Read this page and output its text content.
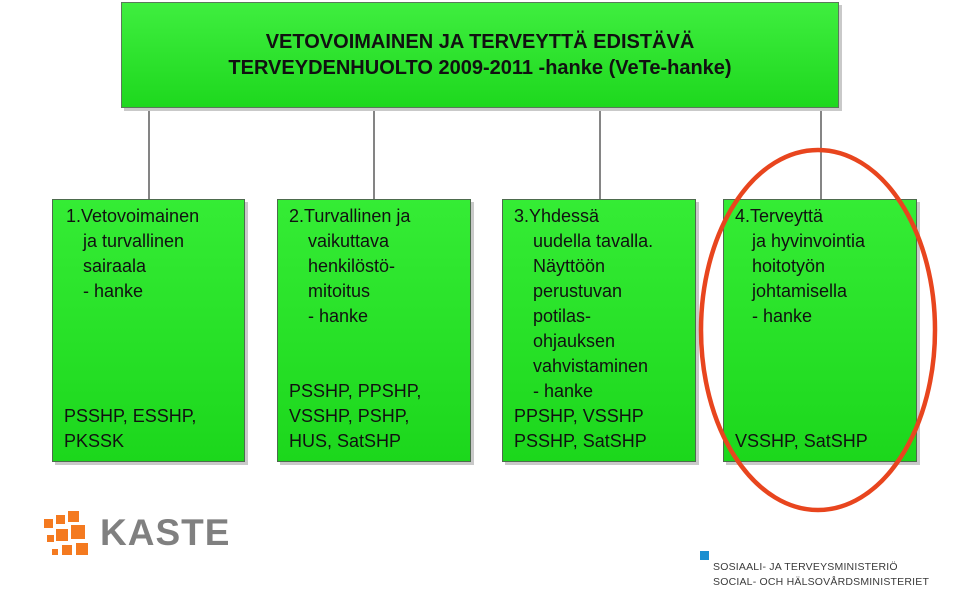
VETOVOIMAINEN JA TERVEYTTÄ EDISTÄVÄ
TERVEYDENHUOLTO 2009-2011 -hanke (VeTe-hanke)
1.Vetovoimainen
ja turvallinen
sairaala
- hanke
PSSHP, ESSHP,
PKSSK
2.Turvallinen ja
vaikuttava
henkilöstö-
mitoitus
- hanke
PSSHP, PPSHP,
VSSHP, PSHP,
HUS, SatSHP
3.Yhdessä
uudella tavalla.
Näyttöön
perustuvan
potilas-
ohjauksen
vahvistaminen
- hanke
PPSHP, VSSHP
PSSHP, SatSHP
4.Terveyttä
ja hyvinvointia
hoitotyön
johtamisella
- hanke
VSSHP, SatSHP
KASTE
SOSIAALI- JA TERVEYSMINISTERIÖ
SOCIAL- OCH HÄLSOVÅRDSMINISTERIET
